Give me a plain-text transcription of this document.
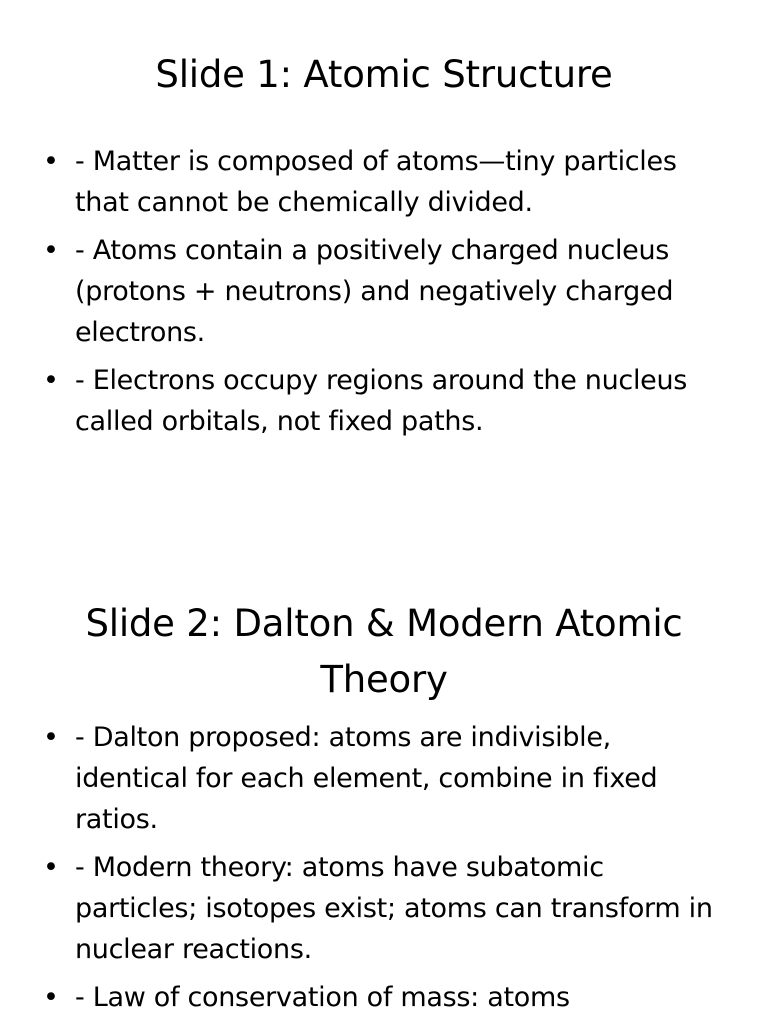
Slide 1: Atomic Structure
• - Matter is composed of atoms—tiny particles that cannot be chemically divided.
• - Atoms contain a positively charged nucleus (protons + neutrons) and negatively charged electrons.
• - Electrons occupy regions around the nucleus called orbitals, not fixed paths.
Slide 2: Dalton & Modern Atomic Theory
• - Dalton proposed: atoms are indivisible, identical for each element, combine in fixed ratios.
• - Modern theory: atoms have subatomic particles; isotopes exist; atoms can transform in nuclear reactions.
• - Law of conservation of mass: atoms
